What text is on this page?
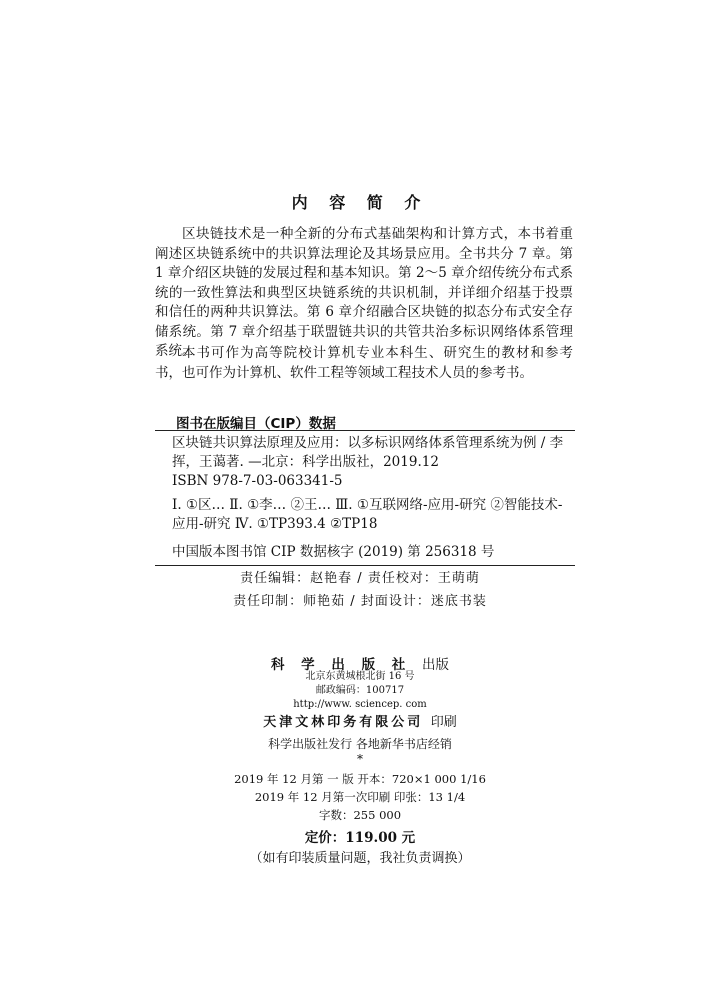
内 容 简 介

区块链技术是一种全新的分布式基础架构和计算方式，本书着重阐述区块链系统中的共识算法理论及其场景应用。全书共分 7 章。第 1 章介绍区块链的发展过程和基本知识。第 2～5 章介绍传统分布式系统的一致性算法和典型区块链系统的共识机制，并详细介绍基于投票和信任的两种共识算法。第 6 章介绍融合区块链的拟态分布式安全存储系统。第 7 章介绍基于联盟链共识的共管共治多标识网络体系管理系统。

本书可作为高等院校计算机专业本科生、研究生的教材和参考书，也可作为计算机、软件工程等领域工程技术人员的参考书。

图书在版编目（CIP）数据
区块链共识算法原理及应用：以多标识网络体系管理系统为例 / 李挥，王蔼著. —北京：科学出版社，2019.12
ISBN 978-7-03-063341-5
Ⅰ. ①区… Ⅱ. ①李… ②王… Ⅲ. ①互联网络-应用-研究 ②智能技术-应用-研究 Ⅳ. ①TP393.4 ②TP18
中国版本图书馆 CIP 数据核字 (2019) 第 256318 号
责任编辑：赵艳春 / 责任校对：王萌萌
责任印制：师艳茹 / 封面设计：迷底书装
科 学 出 版 社 出版
北京东黄城根北街 16 号
邮政编码：100717
http://www. sciencep. com
天津文林印务有限公司 印刷
科学出版社发行 各地新华书店经销
*
2019 年 12 月第 一 版 开本：720×1 000 1/16
2019 年 12 月第一次印刷 印张：13 1/4
字数：255 000
定价：119.00 元
（如有印装质量问题，我社负责调换）
